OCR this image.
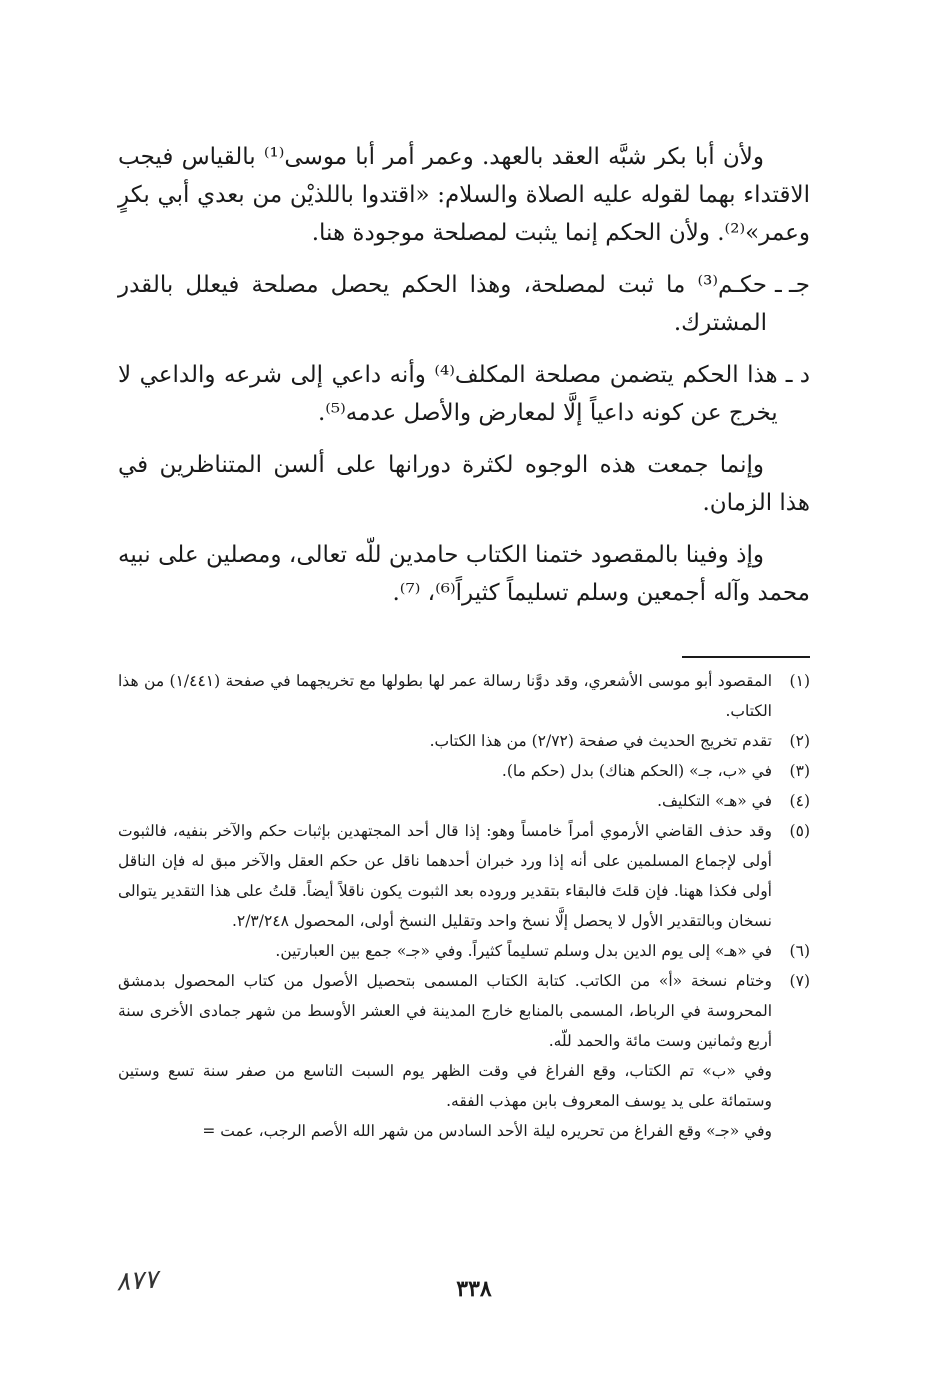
ولأن أبا بكر شبَّه العقد بالعهد. وعمر أمر أبا موسى⁽¹⁾ بالقياس فيجب الاقتداء بهما لقوله عليه الصلاة والسلام: «اقتدوا باللذيْن من بعدي أبي بكرٍ وعمر»⁽²⁾. ولأن الحكم إنما يثبت لمصلحة موجودة هنا.

جـ ـ
حكـم⁽³⁾ ما ثبت لمصلحة، وهذا الحكم يحصل مصلحة فيعلل بالقدر المشترك.
د ـ
هذا الحكم يتضمن مصلحة المكلف⁽⁴⁾ وأنه داعي إلى شرعه والداعي لا يخرج عن كونه داعياً إلَّا لمعارض والأصل عدمه⁽⁵⁾.

وإنما جمعت هذه الوجوه لكثرة دورانها على ألسن المتناظرين في هذا الزمان.

وإذ وفينا بالمقصود ختمنا الكتاب حامدين للّه تعالى، ومصلين على نبيه محمد وآله أجمعين وسلم تسليماً كثيراً⁽⁶⁾، ⁽⁷⁾.

(١)
المقصود أبو موسى الأشعري، وقد دوَّنا رسالة عمر لها بطولها مع تخريجهما في صفحة (١/٤٤١) من هذا الكتاب.
(٢)
تقدم تخريج الحديث في صفحة (٢/٧٢) من هذا الكتاب.
(٣)
في «ب، جـ» (الحكم هناك) بدل (حكم ما).
(٤)
في «هـ» التكليف.
(٥)
وقد حذف القاضي الأرموي أمراً خامساً وهو: إذا قال أحد المجتهدين بإثبات حكم والآخر بنفيه، فالثبوت أولى لإجماع المسلمين على أنه إذا ورد خبران أحدهما ناقل عن حكم العقل والآخر مبق له فإن الناقل أولى فكذا ههنا. فإن قلتَ فالبقاء بتقدير وروده بعد الثبوت يكون ناقلاً أيضاً. قلتُ على هذا التقدير يتوالى نسخان وبالتقدير الأول لا يحصل إلَّا نسخ واحد وتقليل النسخ أولى، المحصول ٢/٣/٢٤٨.
(٦)
في «هـ» إلى يوم الدين بدل وسلم تسليماً كثيراً. وفي «جـ» جمع بين العبارتين.
(٧)
وختام نسخة «أ» من الكاتب. كتابة الكتاب المسمى بتحصيل الأصول من كتاب المحصول بدمشق المحروسة في الرباط، المسمى بالمنابع خارج المدينة في العشر الأوسط من شهر جمادى الأخرى سنة أربع وثمانين وست مائة والحمد للّه.

وفي «ب» تم الكتاب، وقع الفراغ في وقت الظهر يوم السبت التاسع من صفر سنة تسع وستين وستمائة على يد يوسف المعروف بابن مهذب الفقه.

وفي «جـ» وقع الفراغ من تحريره ليلة الأحد السادس من شهر الله الأصم الرجب، عمت =

٣٣٨
٨٧٧
